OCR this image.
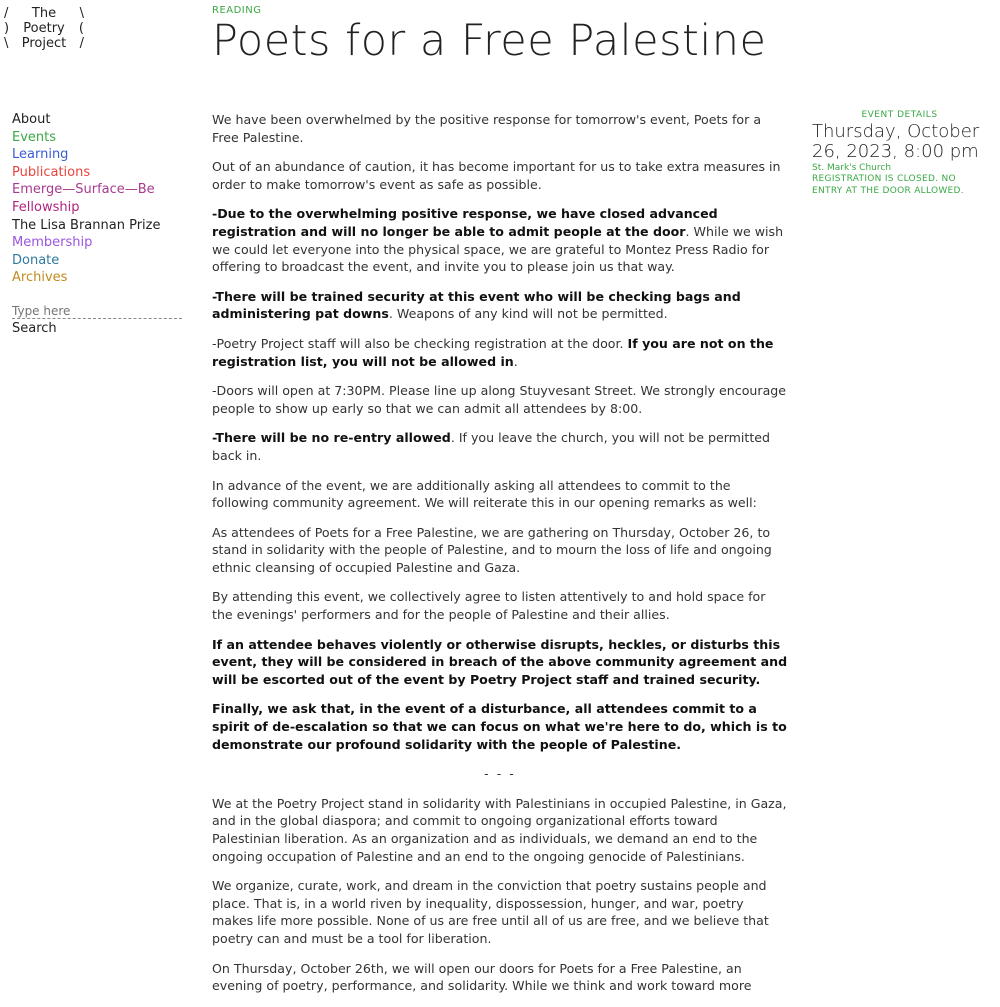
/	The	\
)	Poetry	(
\	Project	/
READING
Poets for a Free Palestine
About
Events
Learning
Publications
Emerge—Surface—Be
Fellowship
The Lisa Brannan Prize
Membership
Donate
Archives
Type here
Search

We have been overwhelmed by the positive response for tomorrow's event, Poets for a Free Palestine.

Out of an abundance of caution, it has become important for us to take extra measures in order to make tomorrow's event as safe as possible.

-Due to the overwhelming positive response, we have closed advanced registration and will no longer be able to admit people at the door. While we wish we could let everyone into the physical space, we are grateful to Montez Press Radio for offering to broadcast the event, and invite you to please join us that way.

-There will be trained security at this event who will be checking bags and administering pat downs. Weapons of any kind will not be permitted.

-Poetry Project staff will also be checking registration at the door. If you are not on the registration list, you will not be allowed in.

-Doors will open at 7:30PM. Please line up along Stuyvesant Street. We strongly encourage people to show up early so that we can admit all attendees by 8:00.

-There will be no re-entry allowed. If you leave the church, you will not be permitted back in.

In advance of the event, we are additionally asking all attendees to commit to the following community agreement. We will reiterate this in our opening remarks as well:

As attendees of Poets for a Free Palestine, we are gathering on Thursday, October 26, to stand in solidarity with the people of Palestine, and to mourn the loss of life and ongoing ethnic cleansing of occupied Palestine and Gaza.

By attending this event, we collectively agree to listen attentively to and hold space for the evenings' performers and for the people of Palestine and their allies.

If an attendee behaves violently or otherwise disrupts, heckles, or disturbs this event, they will be considered in breach of the above community agreement and will be escorted out of the event by Poetry Project staff and trained security.

Finally, we ask that, in the event of a disturbance, all attendees commit to a spirit of de-escalation so that we can focus on what we're here to do, which is to demonstrate our profound solidarity with the people of Palestine.

- - -

We at the Poetry Project stand in solidarity with Palestinians in occupied Palestine, in Gaza, and in the global diaspora; and commit to ongoing organizational efforts toward Palestinian liberation. As an organization and as individuals, we demand an end to the ongoing occupation of Palestine and an end to the ongoing genocide of Palestinians.

We organize, curate, work, and dream in the conviction that poetry sustains people and place. That is, in a world riven by inequality, dispossession, hunger, and war, poetry makes life more possible. None of us are free until all of us are free, and we believe that poetry can and must be a tool for liberation.

On Thursday, October 26th, we will open our doors for Poets for a Free Palestine, an evening of poetry, performance, and solidarity. While we think and work toward more

EVENT DETAILS
Thursday, October 26, 2023, 8:00 pm
St. Mark's Church
REGISTRATION IS CLOSED. NO ENTRY AT THE DOOR ALLOWED.
